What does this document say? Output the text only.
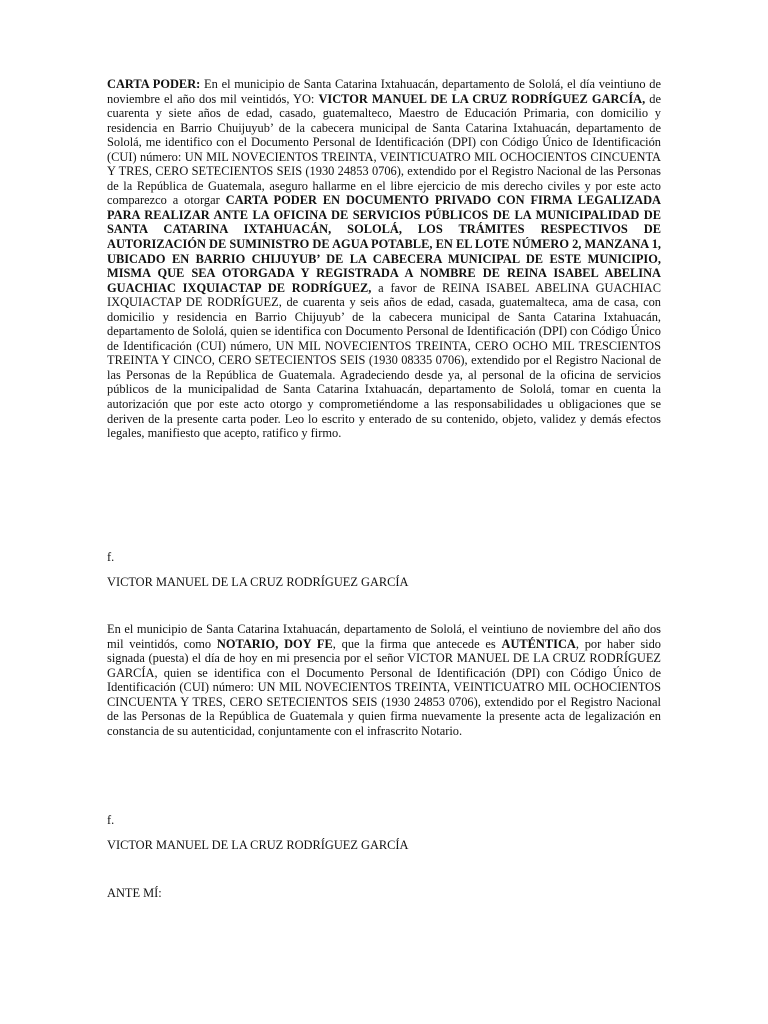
CARTA PODER: En el municipio de Santa Catarina Ixtahuacán, departamento de Sololá, el día veintiuno de noviembre el año dos mil veintidós, YO: VICTOR MANUEL DE LA CRUZ RODRÍGUEZ GARCÍA, de cuarenta y siete años de edad, casado, guatemalteco, Maestro de Educación Primaria, con domicilio y residencia en Barrio Chuijuyub’ de la cabecera municipal de Santa Catarina Ixtahuacán, departamento de Sololá, me identifico con el Documento Personal de Identificación (DPI) con Código Único de Identificación (CUI) número: UN MIL NOVECIENTOS TREINTA, VEINTICUATRO MIL OCHOCIENTOS CINCUENTA Y TRES, CERO SETECIENTOS SEIS (1930 24853 0706), extendido por el Registro Nacional de las Personas de la República de Guatemala, aseguro hallarme en el libre ejercicio de mis derecho civiles y por este acto comparezco a otorgar CARTA PODER EN DOCUMENTO PRIVADO CON FIRMA LEGALIZADA PARA REALIZAR ANTE LA OFICINA DE SERVICIOS PÚBLICOS DE LA MUNICIPALIDAD DE SANTA CATARINA IXTAHUACÁN, SOLOLÁ, LOS TRÁMITES RESPECTIVOS DE AUTORIZACIÓN DE SUMINISTRO DE AGUA POTABLE, EN EL LOTE NÚMERO 2, MANZANA 1, UBICADO EN BARRIO CHIJUYUB’ DE LA CABECERA MUNICIPAL DE ESTE MUNICIPIO, MISMA QUE SEA OTORGADA Y REGISTRADA A NOMBRE DE REINA ISABEL ABELINA GUACHIAC IXQUIACTAP DE RODRÍGUEZ, a favor de REINA ISABEL ABELINA GUACHIAC IXQUIACTAP DE RODRÍGUEZ, de cuarenta y seis años de edad, casada, guatemalteca, ama de casa, con domicilio y residencia en Barrio Chijuyub’ de la cabecera municipal de Santa Catarina Ixtahuacán, departamento de Sololá, quien se identifica con Documento Personal de Identificación (DPI) con Código Único de Identificación (CUI) número, UN MIL NOVECIENTOS TREINTA, CERO OCHO MIL TRESCIENTOS TREINTA Y CINCO, CERO SETECIENTOS SEIS (1930 08335 0706), extendido por el Registro Nacional de las Personas de la República de Guatemala. Agradeciendo desde ya, al personal de la oficina de servicios públicos de la municipalidad de Santa Catarina Ixtahuacán, departamento de Sololá, tomar en cuenta la autorización que por este acto otorgo y comprometiéndome a las responsabilidades u obligaciones que se deriven de la presente carta poder. Leo lo escrito y enterado de su contenido, objeto, validez y demás efectos legales, manifiesto que acepto, ratifico y firmo.

f.
VICTOR MANUEL DE LA CRUZ RODRÍGUEZ GARCÍA

En el municipio de Santa Catarina Ixtahuacán, departamento de Sololá, el veintiuno de noviembre del año dos mil veintidós, como NOTARIO, DOY FE, que la firma que antecede es AUTÉNTICA, por haber sido signada (puesta) el día de hoy en mi presencia por el señor VICTOR MANUEL DE LA CRUZ RODRÍGUEZ GARCÍA, quien se identifica con el Documento Personal de Identificación (DPI) con Código Único de Identificación (CUI) número: UN MIL NOVECIENTOS TREINTA, VEINTICUATRO MIL OCHOCIENTOS CINCUENTA Y TRES, CERO SETECIENTOS SEIS (1930 24853 0706), extendido por el Registro Nacional de las Personas de la República de Guatemala y quien firma nuevamente la presente acta de legalización en constancia de su autenticidad, conjuntamente con el infrascrito Notario.

f.
VICTOR MANUEL DE LA CRUZ RODRÍGUEZ GARCÍA
ANTE MÍ:
